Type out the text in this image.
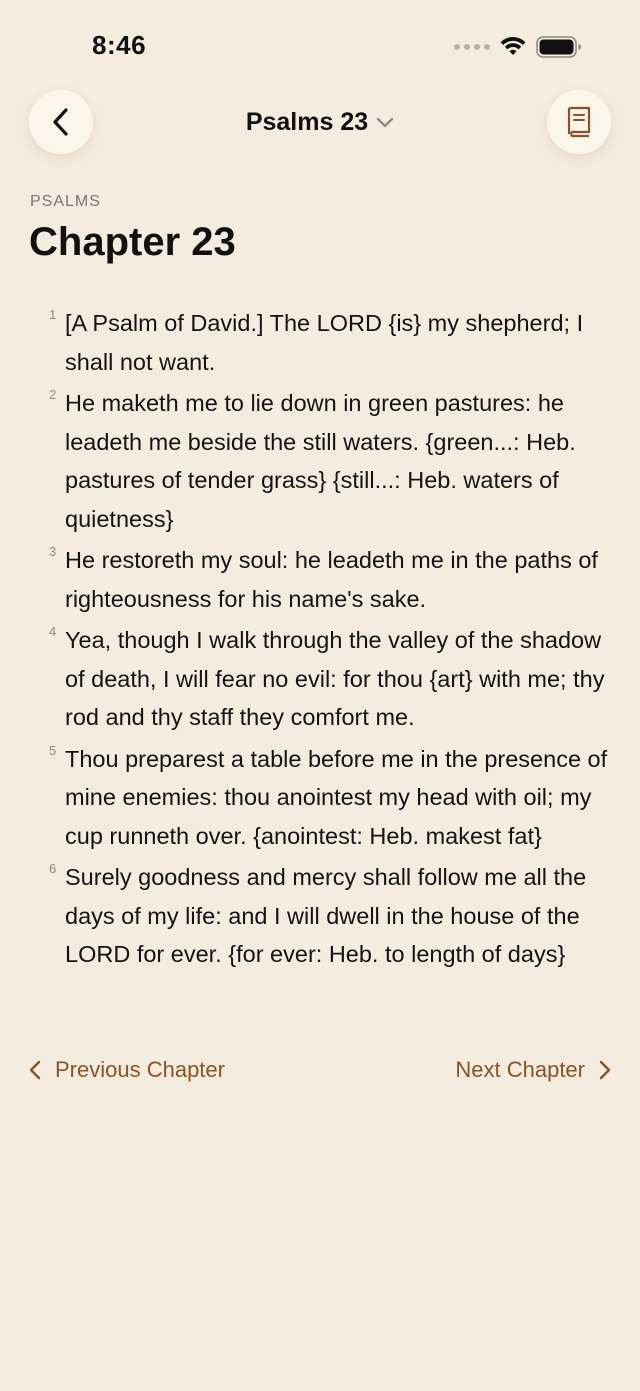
8:46
Psalms 23
PSALMS
Chapter 23
1 [A Psalm of David.] The LORD {is} my shepherd; I shall not want.
2 He maketh me to lie down in green pastures: he leadeth me beside the still waters. {green...: Heb. pastures of tender grass} {still...: Heb. waters of quietness}
3 He restoreth my soul: he leadeth me in the paths of righteousness for his name's sake.
4 Yea, though I walk through the valley of the shadow of death, I will fear no evil: for thou {art} with me; thy rod and thy staff they comfort me.
5 Thou preparest a table before me in the presence of mine enemies: thou anointest my head with oil; my cup runneth over. {anointest: Heb. makest fat}
6 Surely goodness and mercy shall follow me all the days of my life: and I will dwell in the house of the LORD for ever. {for ever: Heb. to length of days}
Previous Chapter	Next Chapter
